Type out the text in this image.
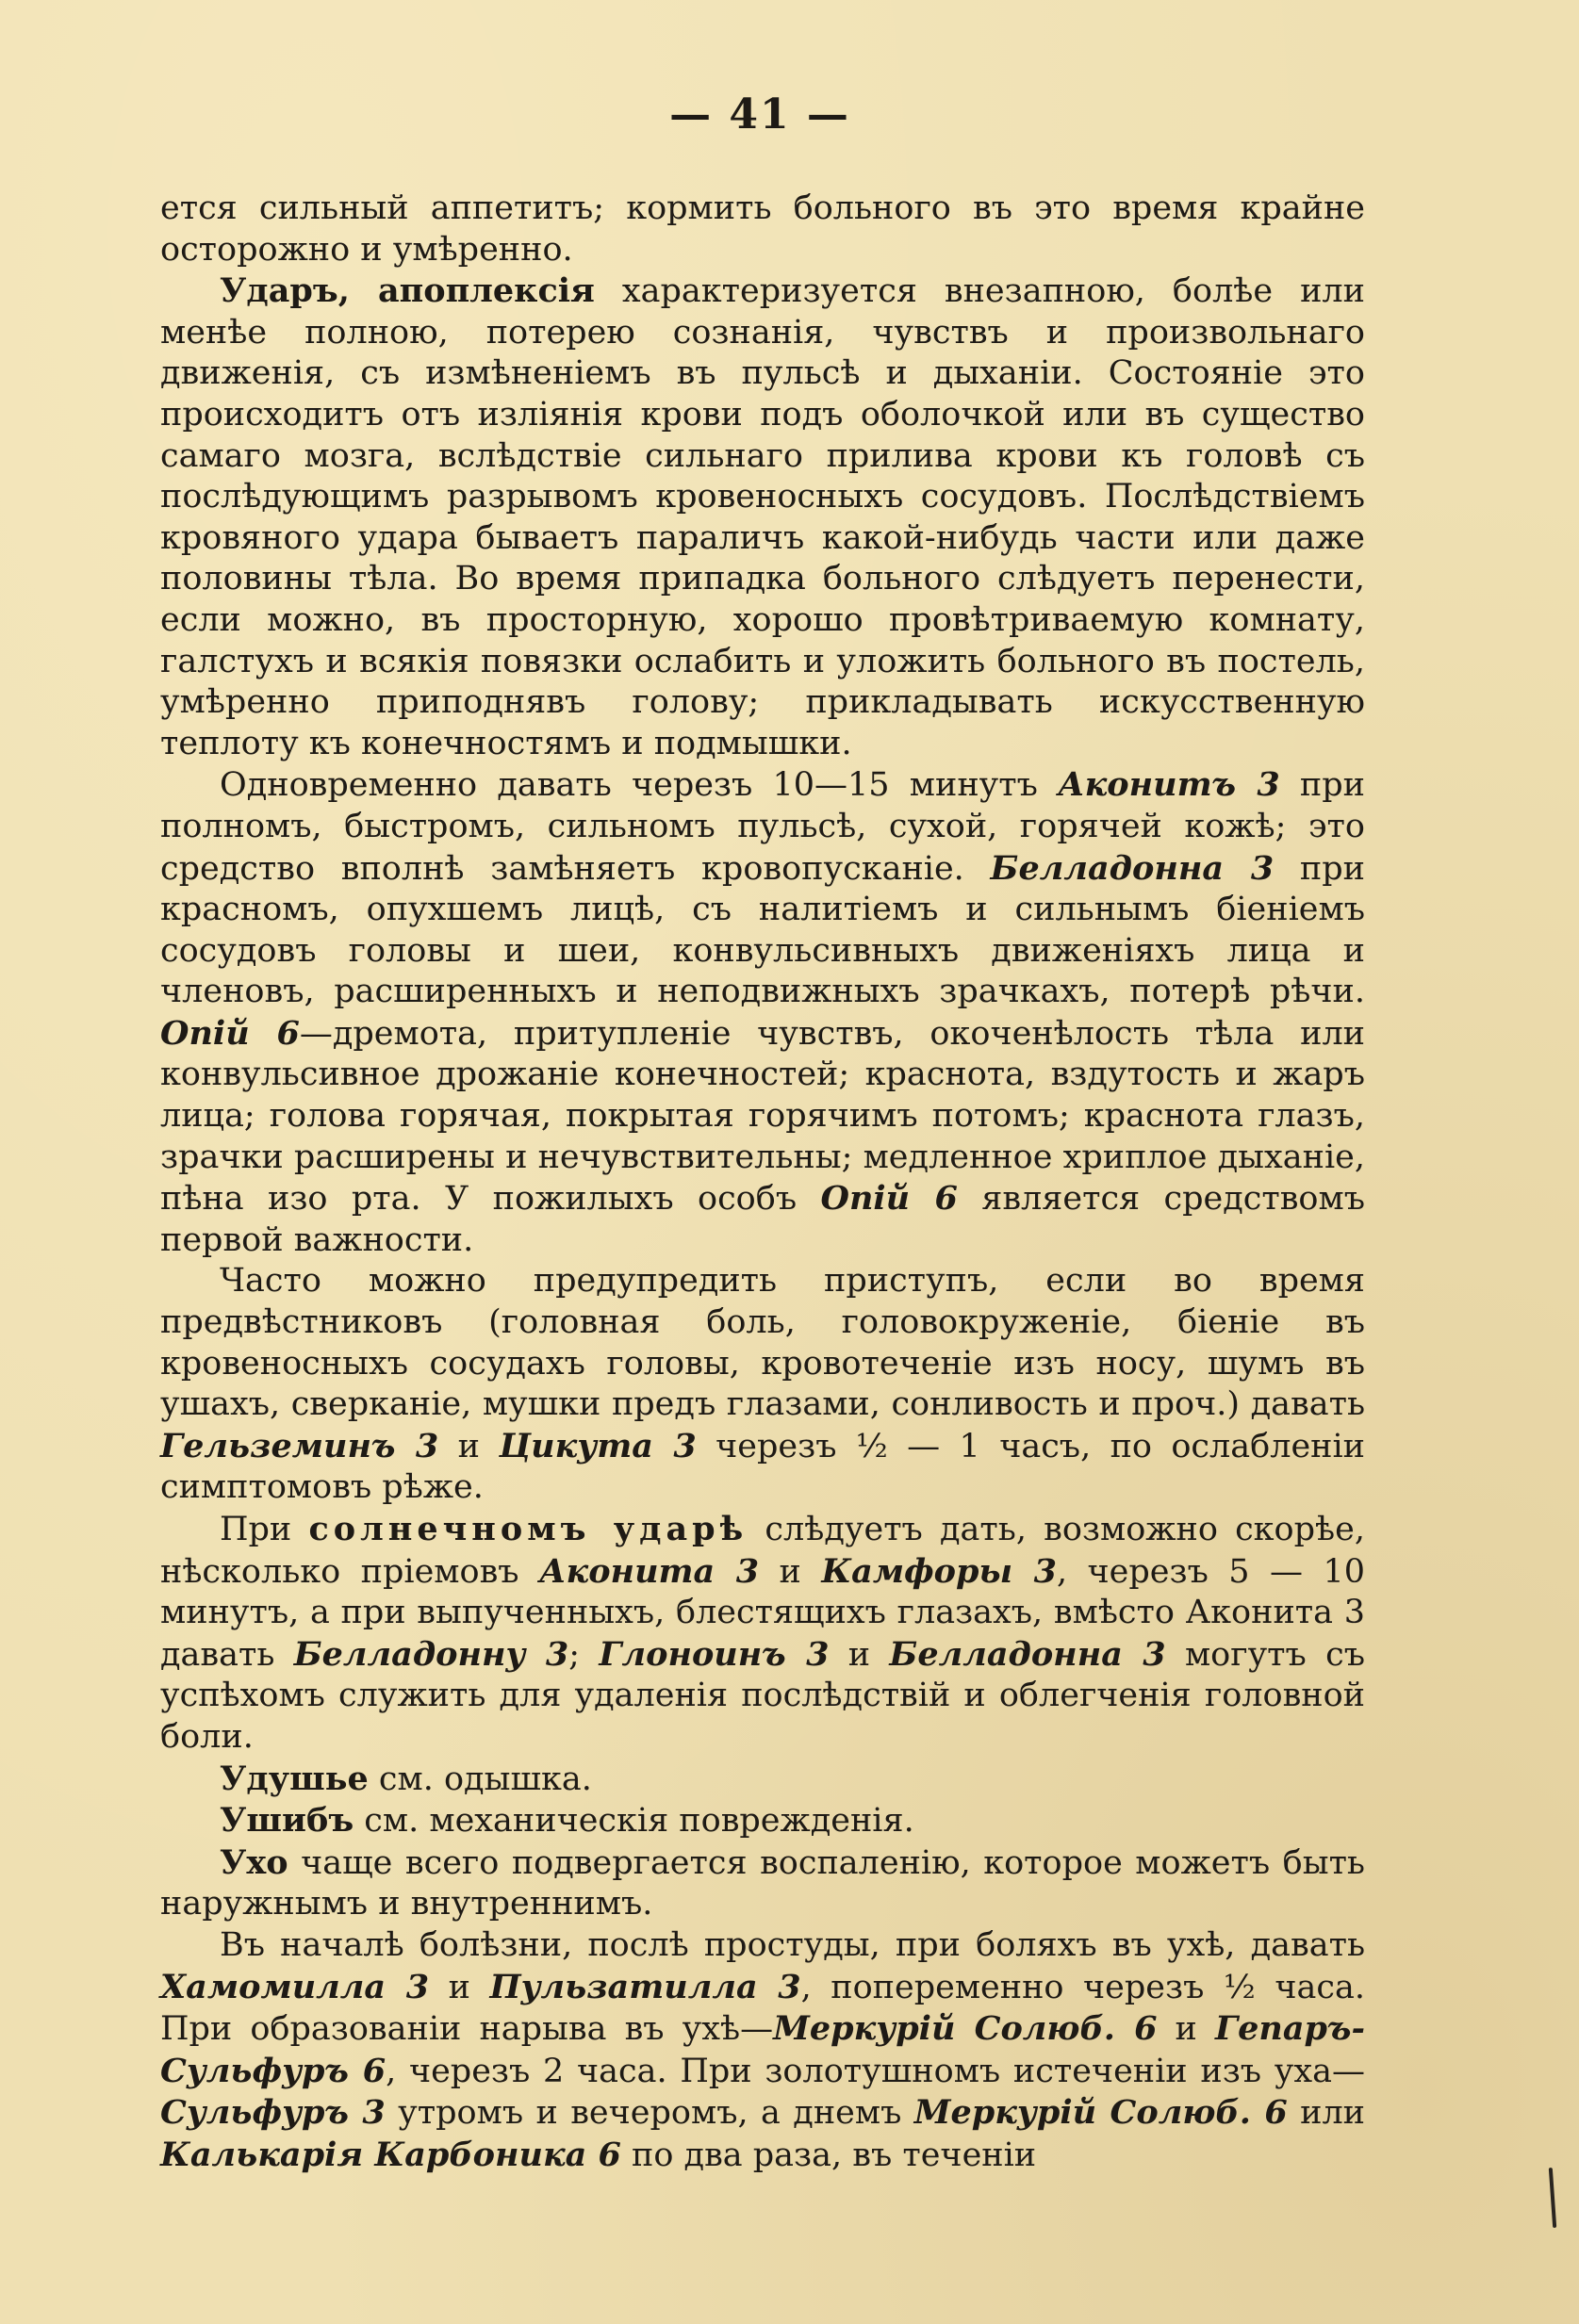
— 41 —

ется сильный аппетитъ; кормить больного въ это время крайне осторожно и умѣренно.

Ударъ, апоплексія характеризуется внезапною, болѣе или менѣе полною, потерею сознанія, чувствъ и произвольнаго движенія, съ измѣненіемъ въ пульсѣ и дыханіи. Состояніе это происходитъ отъ изліянія крови подъ оболочкой или въ существо самаго мозга, вслѣдствіе сильнаго прилива крови къ головѣ съ послѣдующимъ разрывомъ кровеносныхъ сосудовъ. Послѣдствіемъ кровяного удара бываетъ параличъ какой-нибудь части или даже половины тѣла. Во время припадка больного слѣдуетъ перенести, если можно, въ просторную, хорошо провѣтриваемую комнату, галстухъ и всякія повязки ослабить и уложить больного въ постель, умѣренно приподнявъ голову; прикладывать искусственную теплоту къ конечностямъ и подмышки.

Одновременно давать черезъ 10—15 минутъ Аконитъ 3 при полномъ, быстромъ, сильномъ пульсѣ, сухой, горячей кожѣ; это средство вполнѣ замѣняетъ кровопусканіе. Белладонна 3 при красномъ, опухшемъ лицѣ, съ налитіемъ и сильнымъ біеніемъ сосудовъ головы и шеи, конвульсивныхъ движеніяхъ лица и членовъ, расширенныхъ и неподвижныхъ зрачкахъ, потерѣ рѣчи. Опій 6—дремота, притупленіе чувствъ, окоченѣлость тѣла или конвульсивное дрожаніе конечностей; краснота, вздутость и жаръ лица; голова горячая, покрытая горячимъ потомъ; краснота глазъ, зрачки расширены и нечувствительны; медленное хриплое дыханіе, пѣна изо рта. У пожилыхъ особъ Опій 6 является средствомъ первой важности.

Часто можно предупредить приступъ, если во время предвѣстниковъ (головная боль, головокруженіе, біеніе въ кровеносныхъ сосудахъ головы, кровотеченіе изъ носу, шумъ въ ушахъ, сверканіе, мушки предъ глазами, сонливость и проч.) давать Гельземинъ 3 и Цикута 3 черезъ ½ — 1 часъ, по ослабленіи симптомовъ рѣже.

При солнечномъ ударѣ слѣдуетъ дать, возможно скорѣе, нѣсколько пріемовъ Аконита 3 и Камфоры 3, черезъ 5 — 10 минутъ, а при выпученныхъ, блестящихъ глазахъ, вмѣсто Аконита 3 давать Белладонну 3; Глоноинъ 3 и Белладонна 3 могутъ съ успѣхомъ служить для удаленія послѣдствій и облегченія головной боли.

Удушье см. одышка.

Ушибъ см. механическія поврежденія.

Ухо чаще всего подвергается воспаленію, которое можетъ быть наружнымъ и внутреннимъ.

Въ началѣ болѣзни, послѣ простуды, при боляхъ въ ухѣ, давать Хамомилла 3 и Пульзатилла 3, попеременно черезъ ½ часа. При образованіи нарыва въ ухѣ—Меркурій Солюб. 6 и Гепаръ-Сульфуръ 6, черезъ 2 часа. При золотушномъ истеченіи изъ уха—Сульфуръ 3 утромъ и вечеромъ, а днемъ Меркурій Солюб. 6 или Калькарія Карбоника 6 по два раза, въ теченіи
